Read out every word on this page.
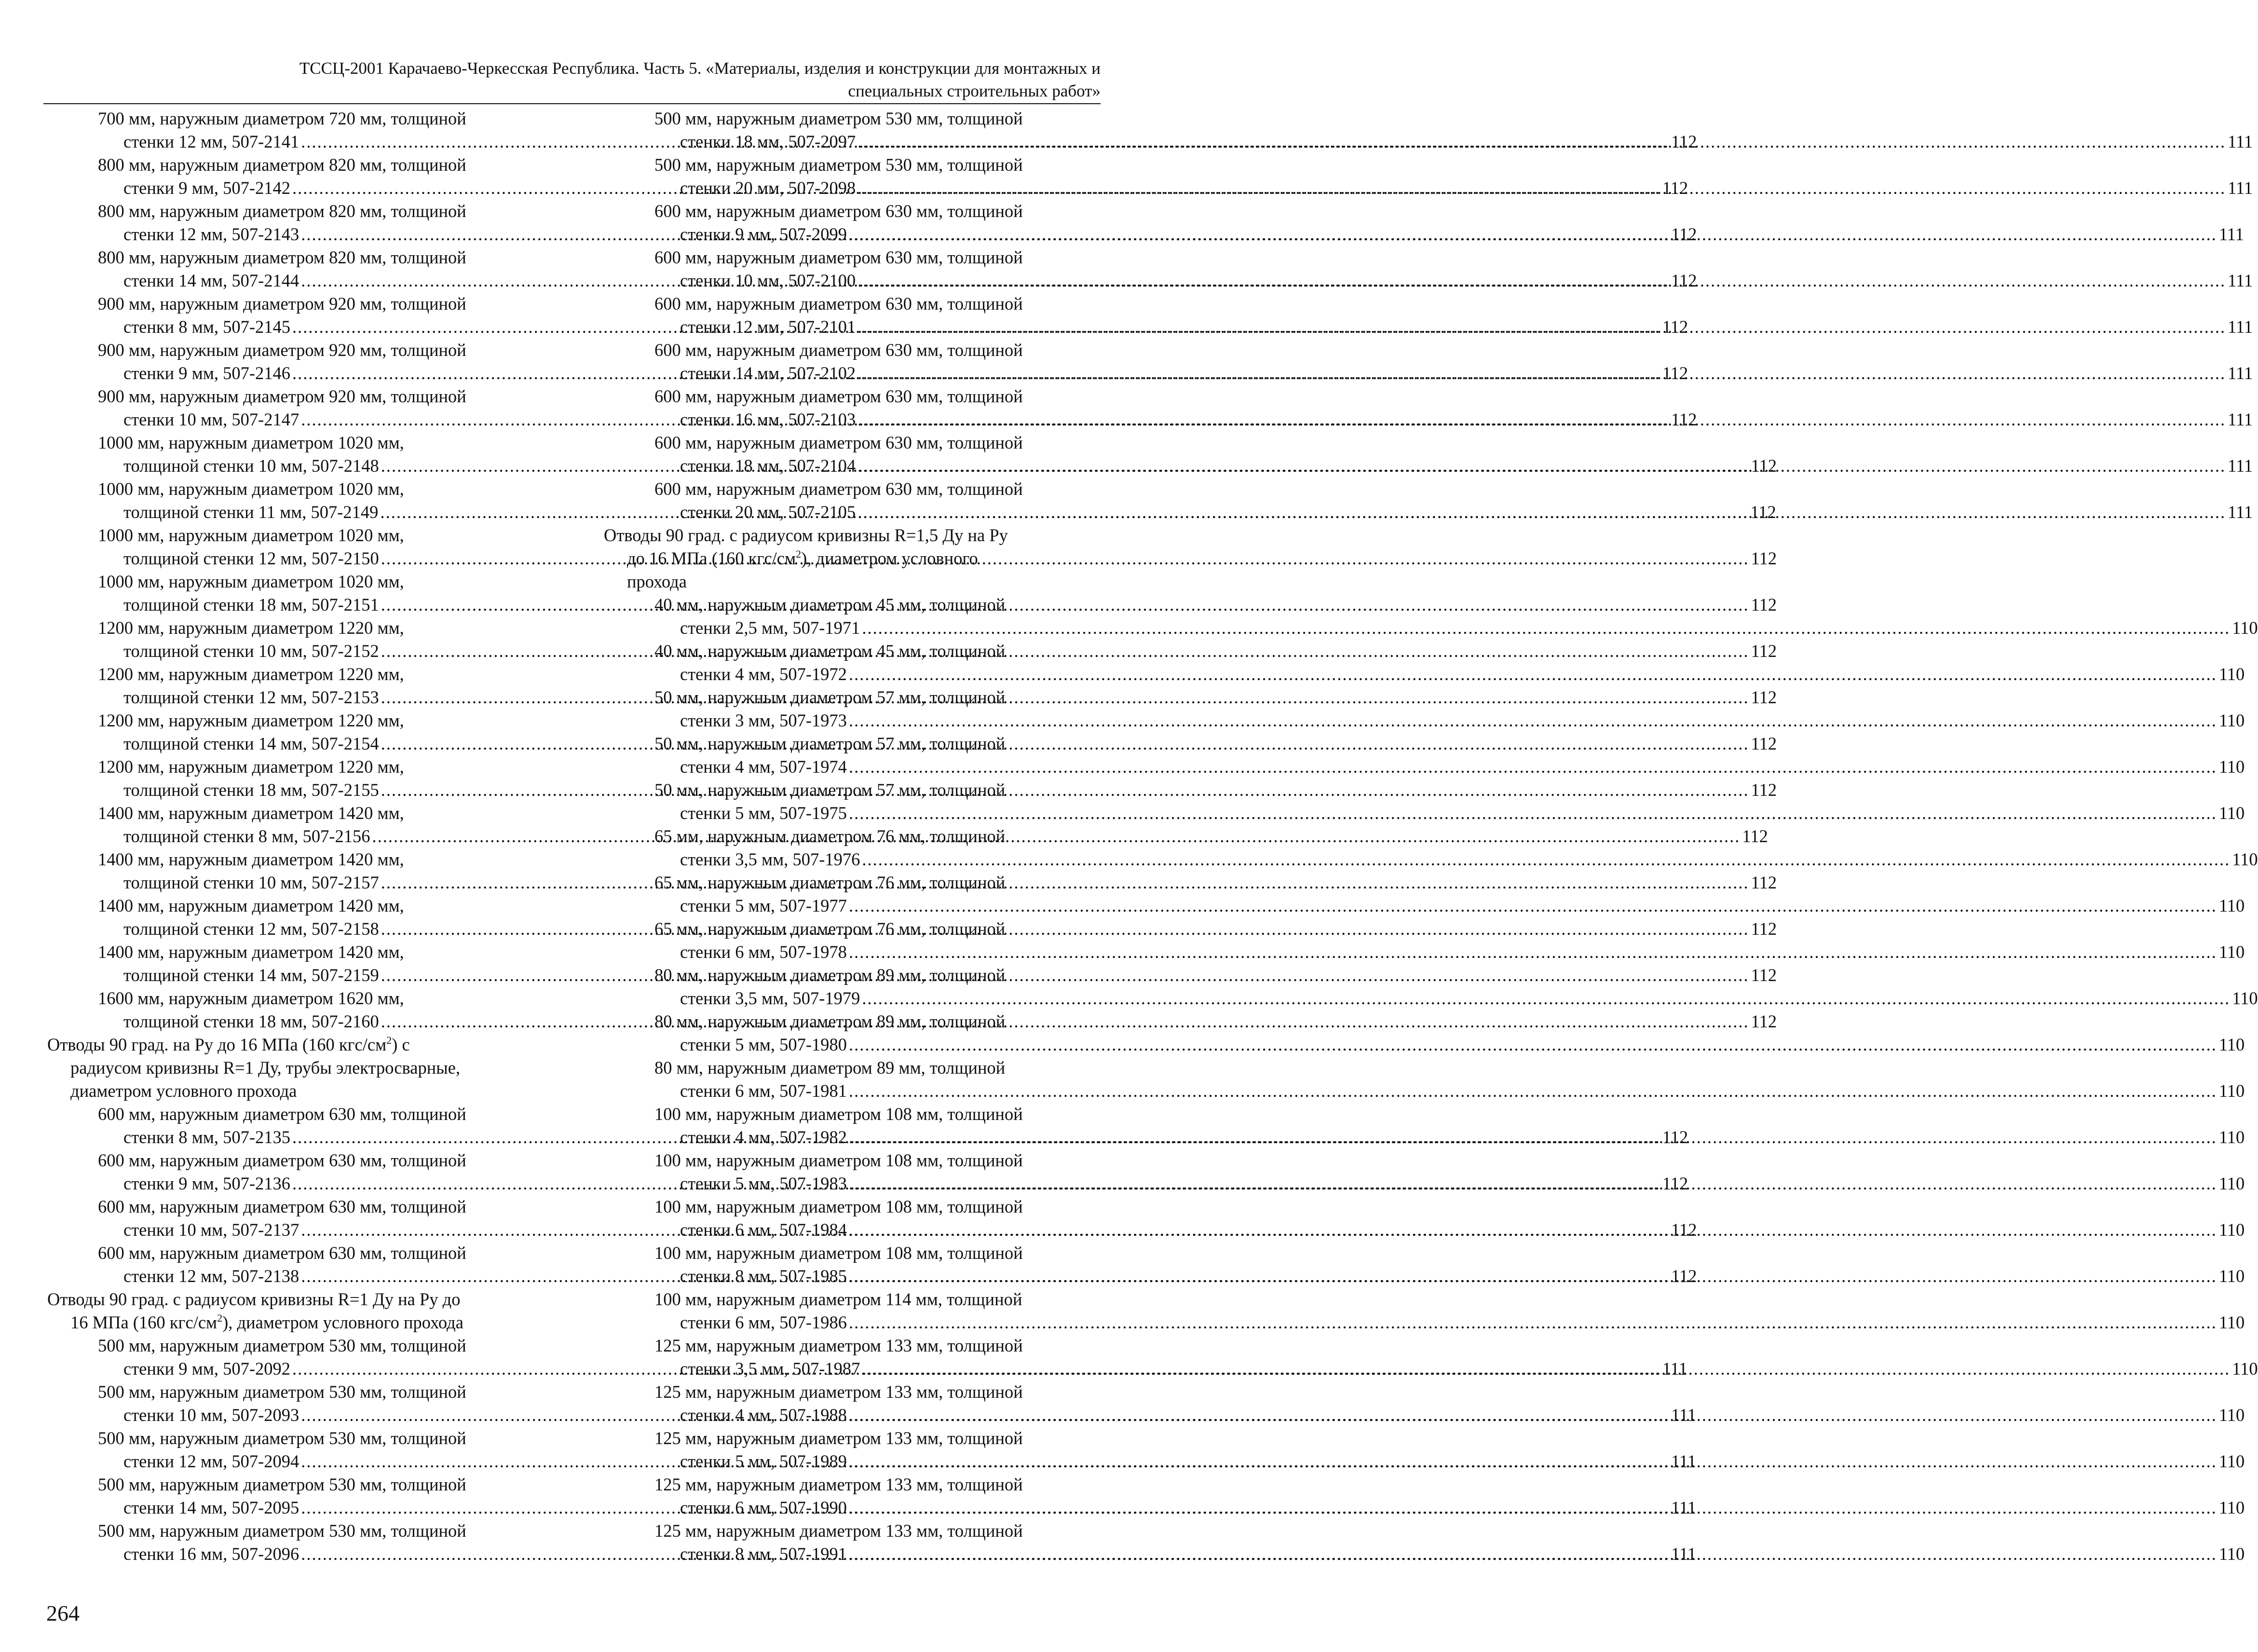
ТССЦ-2001 Карачаево-Черкесская Республика. Часть 5. «Материалы, изделия и конструкции для монтажных и
специальных строительных работ»
700 мм, наружным диаметром 720 мм, толщиной
стенки 12 мм, 507-2141 .....	112
800 мм, наружным диаметром 820 мм, толщиной
стенки 9 мм, 507-2142 .....	112
800 мм, наружным диаметром 820 мм, толщиной
стенки 12 мм, 507-2143 .....	112
800 мм, наружным диаметром 820 мм, толщиной
стенки 14 мм, 507-2144 .....	112
900 мм, наружным диаметром 920 мм, толщиной
стенки 8 мм, 507-2145 .....	112
900 мм, наружным диаметром 920 мм, толщиной
стенки 9 мм, 507-2146 .....	112
900 мм, наружным диаметром 920 мм, толщиной
стенки 10 мм, 507-2147 .....	112
1000 мм, наружным диаметром 1020 мм,
толщиной стенки 10 мм, 507-2148 .....	112
1000 мм, наружным диаметром 1020 мм,
толщиной стенки 11 мм, 507-2149 .....	112
1000 мм, наружным диаметром 1020 мм,
толщиной стенки 12 мм, 507-2150 .....	112
1000 мм, наружным диаметром 1020 мм,
толщиной стенки 18 мм, 507-2151 .....	112
1200 мм, наружным диаметром 1220 мм,
толщиной стенки 10 мм, 507-2152 .....	112
1200 мм, наружным диаметром 1220 мм,
толщиной стенки 12 мм, 507-2153 .....	112
1200 мм, наружным диаметром 1220 мм,
толщиной стенки 14 мм, 507-2154 .....	112
1200 мм, наружным диаметром 1220 мм,
толщиной стенки 18 мм, 507-2155 .....	112
1400 мм, наружным диаметром 1420 мм,
толщиной стенки 8 мм, 507-2156 .....	112
1400 мм, наружным диаметром 1420 мм,
толщиной стенки 10 мм, 507-2157 .....	112
1400 мм, наружным диаметром 1420 мм,
толщиной стенки 12 мм, 507-2158 .....	112
1400 мм, наружным диаметром 1420 мм,
толщиной стенки 14 мм, 507-2159 .....	112
1600 мм, наружным диаметром 1620 мм,
толщиной стенки 18 мм, 507-2160 .....	112
Отводы 90 град. на Ру до 16 МПа (160 кгс/$см^2$) с
радиусом кривизны R=1 Ду, трубы электросварные,
диаметром условного прохода
600 мм, наружным диаметром 630 мм, толщиной
стенки 8 мм, 507-2135 .....	112
600 мм, наружным диаметром 630 мм, толщиной
стенки 9 мм, 507-2136 .....	112
600 мм, наружным диаметром 630 мм, толщиной
стенки 10 мм, 507-2137 .....	112
600 мм, наружным диаметром 630 мм, толщиной
стенки 12 мм, 507-2138 .....	112
Отводы 90 град. с радиусом кривизны R=1 Ду на Ру до
16 МПа (160 кгс/$см^2$), диаметром условного прохода
500 мм, наружным диаметром 530 мм, толщиной
стенки 9 мм, 507-2092 .....	111
500 мм, наружным диаметром 530 мм, толщиной
стенки 10 мм, 507-2093 .....	111
500 мм, наружным диаметром 530 мм, толщиной
стенки 12 мм, 507-2094 .....	111
500 мм, наружным диаметром 530 мм, толщиной
стенки 14 мм, 507-2095 .....	111
500 мм, наружным диаметром 530 мм, толщиной
стенки 16 мм, 507-2096 .....	111
500 мм, наружным диаметром 530 мм, толщиной
стенки 18 мм, 507-2097 .....	111
500 мм, наружным диаметром 530 мм, толщиной
стенки 20 мм, 507-2098 .....	111
600 мм, наружным диаметром 630 мм, толщиной
стенки 9 мм, 507-2099 .....	111
600 мм, наружным диаметром 630 мм, толщиной
стенки 10 мм, 507-2100 .....	111
600 мм, наружным диаметром 630 мм, толщиной
стенки 12 мм, 507-2101 .....	111
600 мм, наружным диаметром 630 мм, толщиной
стенки 14 мм, 507-2102 .....	111
600 мм, наружным диаметром 630 мм, толщиной
стенки 16 мм, 507-2103 .....	111
600 мм, наружным диаметром 630 мм, толщиной
стенки 18 мм, 507-2104 .....	111
600 мм, наружным диаметром 630 мм, толщиной
стенки 20 мм, 507-2105 .....	111
Отводы 90 град. с радиусом кривизны R=1,5 Ду на Ру
до 16 МПа (160 кгс/$см^2$), диаметром условного
прохода
40 мм, наружным диаметром 45 мм, толщиной
стенки 2,5 мм, 507-1971 .....	110
40 мм, наружным диаметром 45 мм, толщиной
стенки 4 мм, 507-1972 .....	110
50 мм, наружным диаметром 57 мм, толщиной
стенки 3 мм, 507-1973 .....	110
50 мм, наружным диаметром 57 мм, толщиной
стенки 4 мм, 507-1974 .....	110
50 мм, наружным диаметром 57 мм, толщиной
стенки 5 мм, 507-1975 .....	110
65 мм, наружным диаметром 76 мм, толщиной
стенки 3,5 мм, 507-1976 .....	110
65 мм, наружным диаметром 76 мм, толщиной
стенки 5 мм, 507-1977 .....	110
65 мм, наружным диаметром 76 мм, толщиной
стенки 6 мм, 507-1978 .....	110
80 мм, наружным диаметром 89 мм, толщиной
стенки 3,5 мм, 507-1979 .....	110
80 мм, наружным диаметром 89 мм, толщиной
стенки 5 мм, 507-1980 .....	110
80 мм, наружным диаметром 89 мм, толщиной
стенки 6 мм, 507-1981 .....	110
100 мм, наружным диаметром 108 мм, толщиной
стенки 4 мм, 507-1982 .....	110
100 мм, наружным диаметром 108 мм, толщиной
стенки 5 мм, 507-1983 .....	110
100 мм, наружным диаметром 108 мм, толщиной
стенки 6 мм, 507-1984 .....	110
100 мм, наружным диаметром 108 мм, толщиной
стенки 8 мм, 507-1985 .....	110
100 мм, наружным диаметром 114 мм, толщиной
стенки 6 мм, 507-1986 .....	110
125 мм, наружным диаметром 133 мм, толщиной
стенки 3,5 мм, 507-1987 .....	110
125 мм, наружным диаметром 133 мм, толщиной
стенки 4 мм, 507-1988 .....	110
125 мм, наружным диаметром 133 мм, толщиной
стенки 5 мм, 507-1989 .....	110
125 мм, наружным диаметром 133 мм, толщиной
стенки 6 мм, 507-1990 .....	110
125 мм, наружным диаметром 133 мм, толщиной
стенки 8 мм, 507-1991 .....	110
264
